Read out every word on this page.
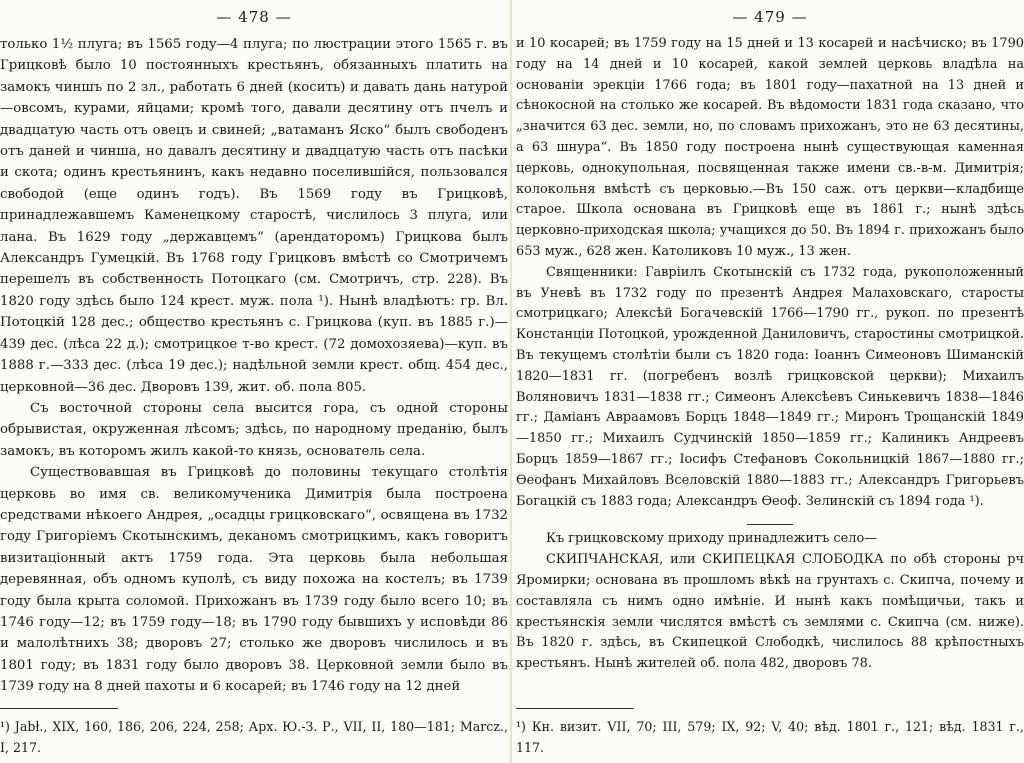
— 478 —

только 1½ плуга; въ 1565 году—4 плуга; по люстрации этого 1565 г. въ Грицковѣ было 10 постоянныхъ крестьянъ, обязанныхъ платить на замокъ чиншъ по 2 зл., работать 6 дней (косить) и давать дань натурой—овсомъ, курами, яйцами; кромѣ того, давали десятину отъ пчелъ и двадцатую часть отъ овецъ и свиней; „ватаманъ Яско“ былъ свободенъ отъ даней и чинша, но давалъ десятину и двадцатую часть отъ пасѣки и скота; одинъ крестьянинъ, какъ недавно поселившійся, пользовался свободой (еще одинъ годъ). Въ 1569 году въ Грицковѣ, принадлежавшемъ Каменецкому старостѣ, числилось 3 плуга, или лана. Въ 1629 году „державцемъ“ (арендаторомъ) Грицкова былъ Александръ Гумецкій. Въ 1768 году Грицковъ вмѣстѣ со Смотричемъ перешелъ въ собственность Потоцкаго (см. Смотричъ, стр. 228). Въ 1820 году здѣсь было 124 крест. муж. пола ¹). Нынѣ владѣютъ: гр. Вл. Потоцкій 128 дес.; общество крестьянъ с. Грицкова (куп. въ 1885 г.)—439 дес. (лѣса 22 д.); смотрицкое т-во крест. (72 домохозяева)—куп. въ 1888 г.—333 дес. (лѣса 19 дес.); надѣльной земли крест. общ. 454 дес., церковной—36 дес. Дворовъ 139, жит. об. пола 805.

Съ восточной стороны села высится гора, съ одной стороны обрывистая, окруженная лѣсомъ; здѣсь, по народному преданію, былъ замокъ, въ которомъ жилъ какой-то князь, основатель села.

Существовавшая въ Грицковѣ до половины текущаго столѣтія церковь во имя св. великомученика Димитрія была построена средствами нѣкоего Андрея, „осадцы грицковскаго“, освящена въ 1732 году Григоріемъ Скотынскимъ, деканомъ смотрицкимъ, какъ говоритъ визитаціонный актъ 1759 года. Эта церковь была небольшая деревянная, объ одномъ куполѣ, съ виду похожа на костелъ; въ 1739 году была крыта соломой. Прихожанъ въ 1739 году было всего 10; въ 1746 году—12; въ 1759 году—18; въ 1790 году бывшихъ у исповѣди 86 и малолѣтнихъ 38; дворовъ 27; столько же дворовъ числилось и въ 1801 году; въ 1831 году было дворовъ 38. Церковной земли было въ 1739 году на 8 дней пахоты и 6 косарей; въ 1746 году на 12 дней

¹) Jabł., XIX, 160, 186, 206, 224, 258; Арх. Ю.-З. Р., VII, II, 180—181; Marcz., I, 217.

— 479 —

и 10 косарей; въ 1759 году на 15 дней и 13 косарей и насѣчиско; въ 1790 году на 14 дней и 10 косарей, какой землей церковь владѣла на основаніи эрекціи 1766 года; въ 1801 году—пахатной на 13 дней и сѣнокосной на столько же косарей. Въ вѣдомости 1831 года сказано, что „значится 63 дес. земли, но, по словамъ прихожанъ, это не 63 десятины, а 63 шнура“. Въ 1850 году построена нынѣ существующая каменная церковь, однокупольная, посвященная также имени св.-в-м. Димитрія; колокольня вмѣстѣ съ церковью.—Въ 150 саж. отъ церкви—кладбище старое. Школа основана въ Грицковѣ еще въ 1861 г.; нынѣ здѣсь церковно-приходская школа; учащихся до 50. Въ 1894 г. прихожанъ было 653 муж., 628 жен. Католиковъ 10 муж., 13 жен.

Священники: Гавріилъ Скотынскій съ 1732 года, рукоположенный въ Уневѣ въ 1732 году по презентѣ Андрея Малаховскаго, старосты смотрицкаго; Алексѣй Богачевскій 1766—1790 гг., рукоп. по презентѣ Констанціи Потоцкой, урожденной Даниловичъ, старостины смотрицкой. Въ текущемъ столѣтіи были съ 1820 года: Іоаннъ Симеоновъ Шиманскій 1820—1831 гг. (погребенъ возлѣ грицковской церкви); Михаилъ Воляновичъ 1831—1838 гг.; Симеонъ Алексѣевъ Синькевичъ 1838—1846 гг.; Даміанъ Авраамовъ Борцъ 1848—1849 гг.; Миронъ Трощанскій 1849—1850 гг.; Михаилъ Судчинскій 1850—1859 гг.; Калиникъ Андреевъ Борцъ 1859—1867 гг.; Іосифъ Стефановъ Сокольницкій 1867—1880 гг.; Өеофанъ Михайловъ Вселовскій 1880—1883 гг.; Александръ Григорьевъ Богацкій съ 1883 года; Александръ Өеоф. Зелинскій съ 1894 года ¹).

Къ грицковскому приходу принадлежитъ село—

СКИПЧАНСКАЯ, или СКИПЕЦКАЯ СЛОБОДКА по обѣ стороны рч Яромирки; основана въ прошломъ вѣкѣ на грунтахъ с. Скипча, почему и составляла съ нимъ одно имѣніе. И нынѣ какъ помѣщичьи, такъ и крестьянскія земли числятся вмѣстѣ съ землями с. Скипча (см. ниже). Въ 1820 г. здѣсь, въ Скипецкой Слободкѣ, числилось 88 крѣпостныхъ крестьянъ. Нынѣ жителей об. пола 482, дворовъ 78.

¹) Кн. визит. VII, 70; III, 579; IX, 92; V, 40; вѣд. 1801 г., 121; вѣд. 1831 г., 117.
